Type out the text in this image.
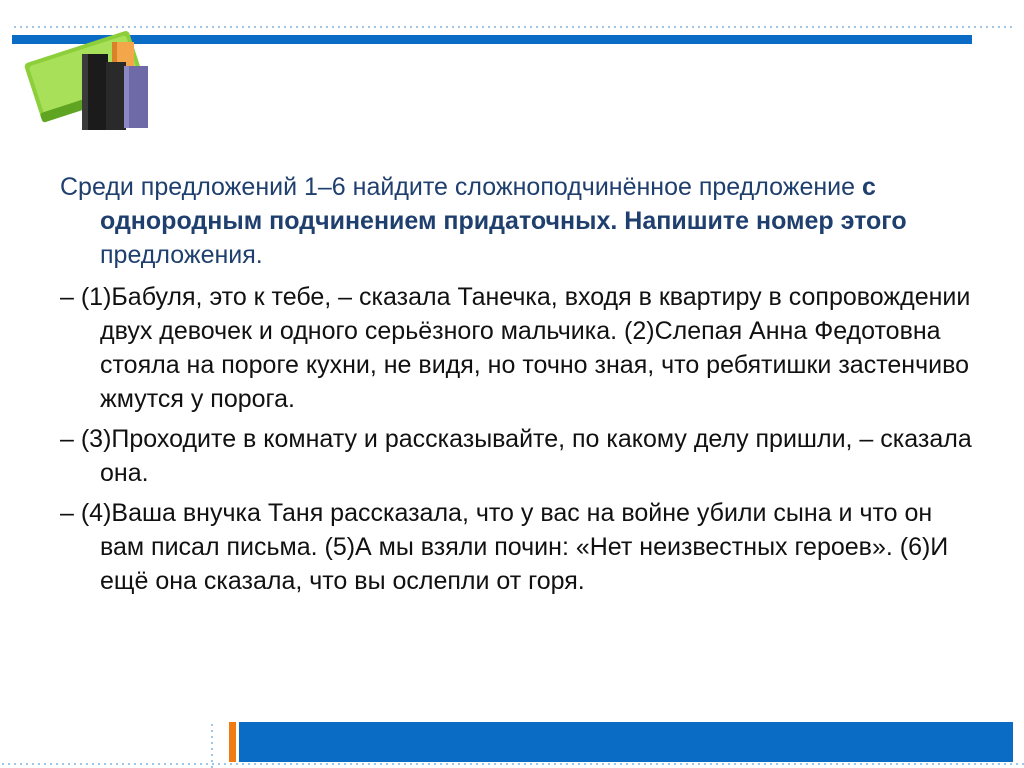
Среди предложений 1–6 найдите сложноподчинённое предложение с однородным подчинением придаточных. Напишите номер этого предложения.

– (1)Бабуля, это к тебе, – сказала Танечка, входя в квартиру в сопровождении двух девочек и одного серьёзного мальчика. (2)Слепая Анна Федотовна стояла на пороге кухни, не видя, но точно зная, что ребятишки застенчиво жмутся у порога.

– (3)Проходите в комнату и рассказывайте, по какому делу пришли, – сказала она.

– (4)Ваша внучка Таня рассказала, что у вас на войне убили сына и что он вам писал письма. (5)А мы взяли почин: «Нет неизвестных героев». (6)И ещё она сказала, что вы ослепли от горя.
